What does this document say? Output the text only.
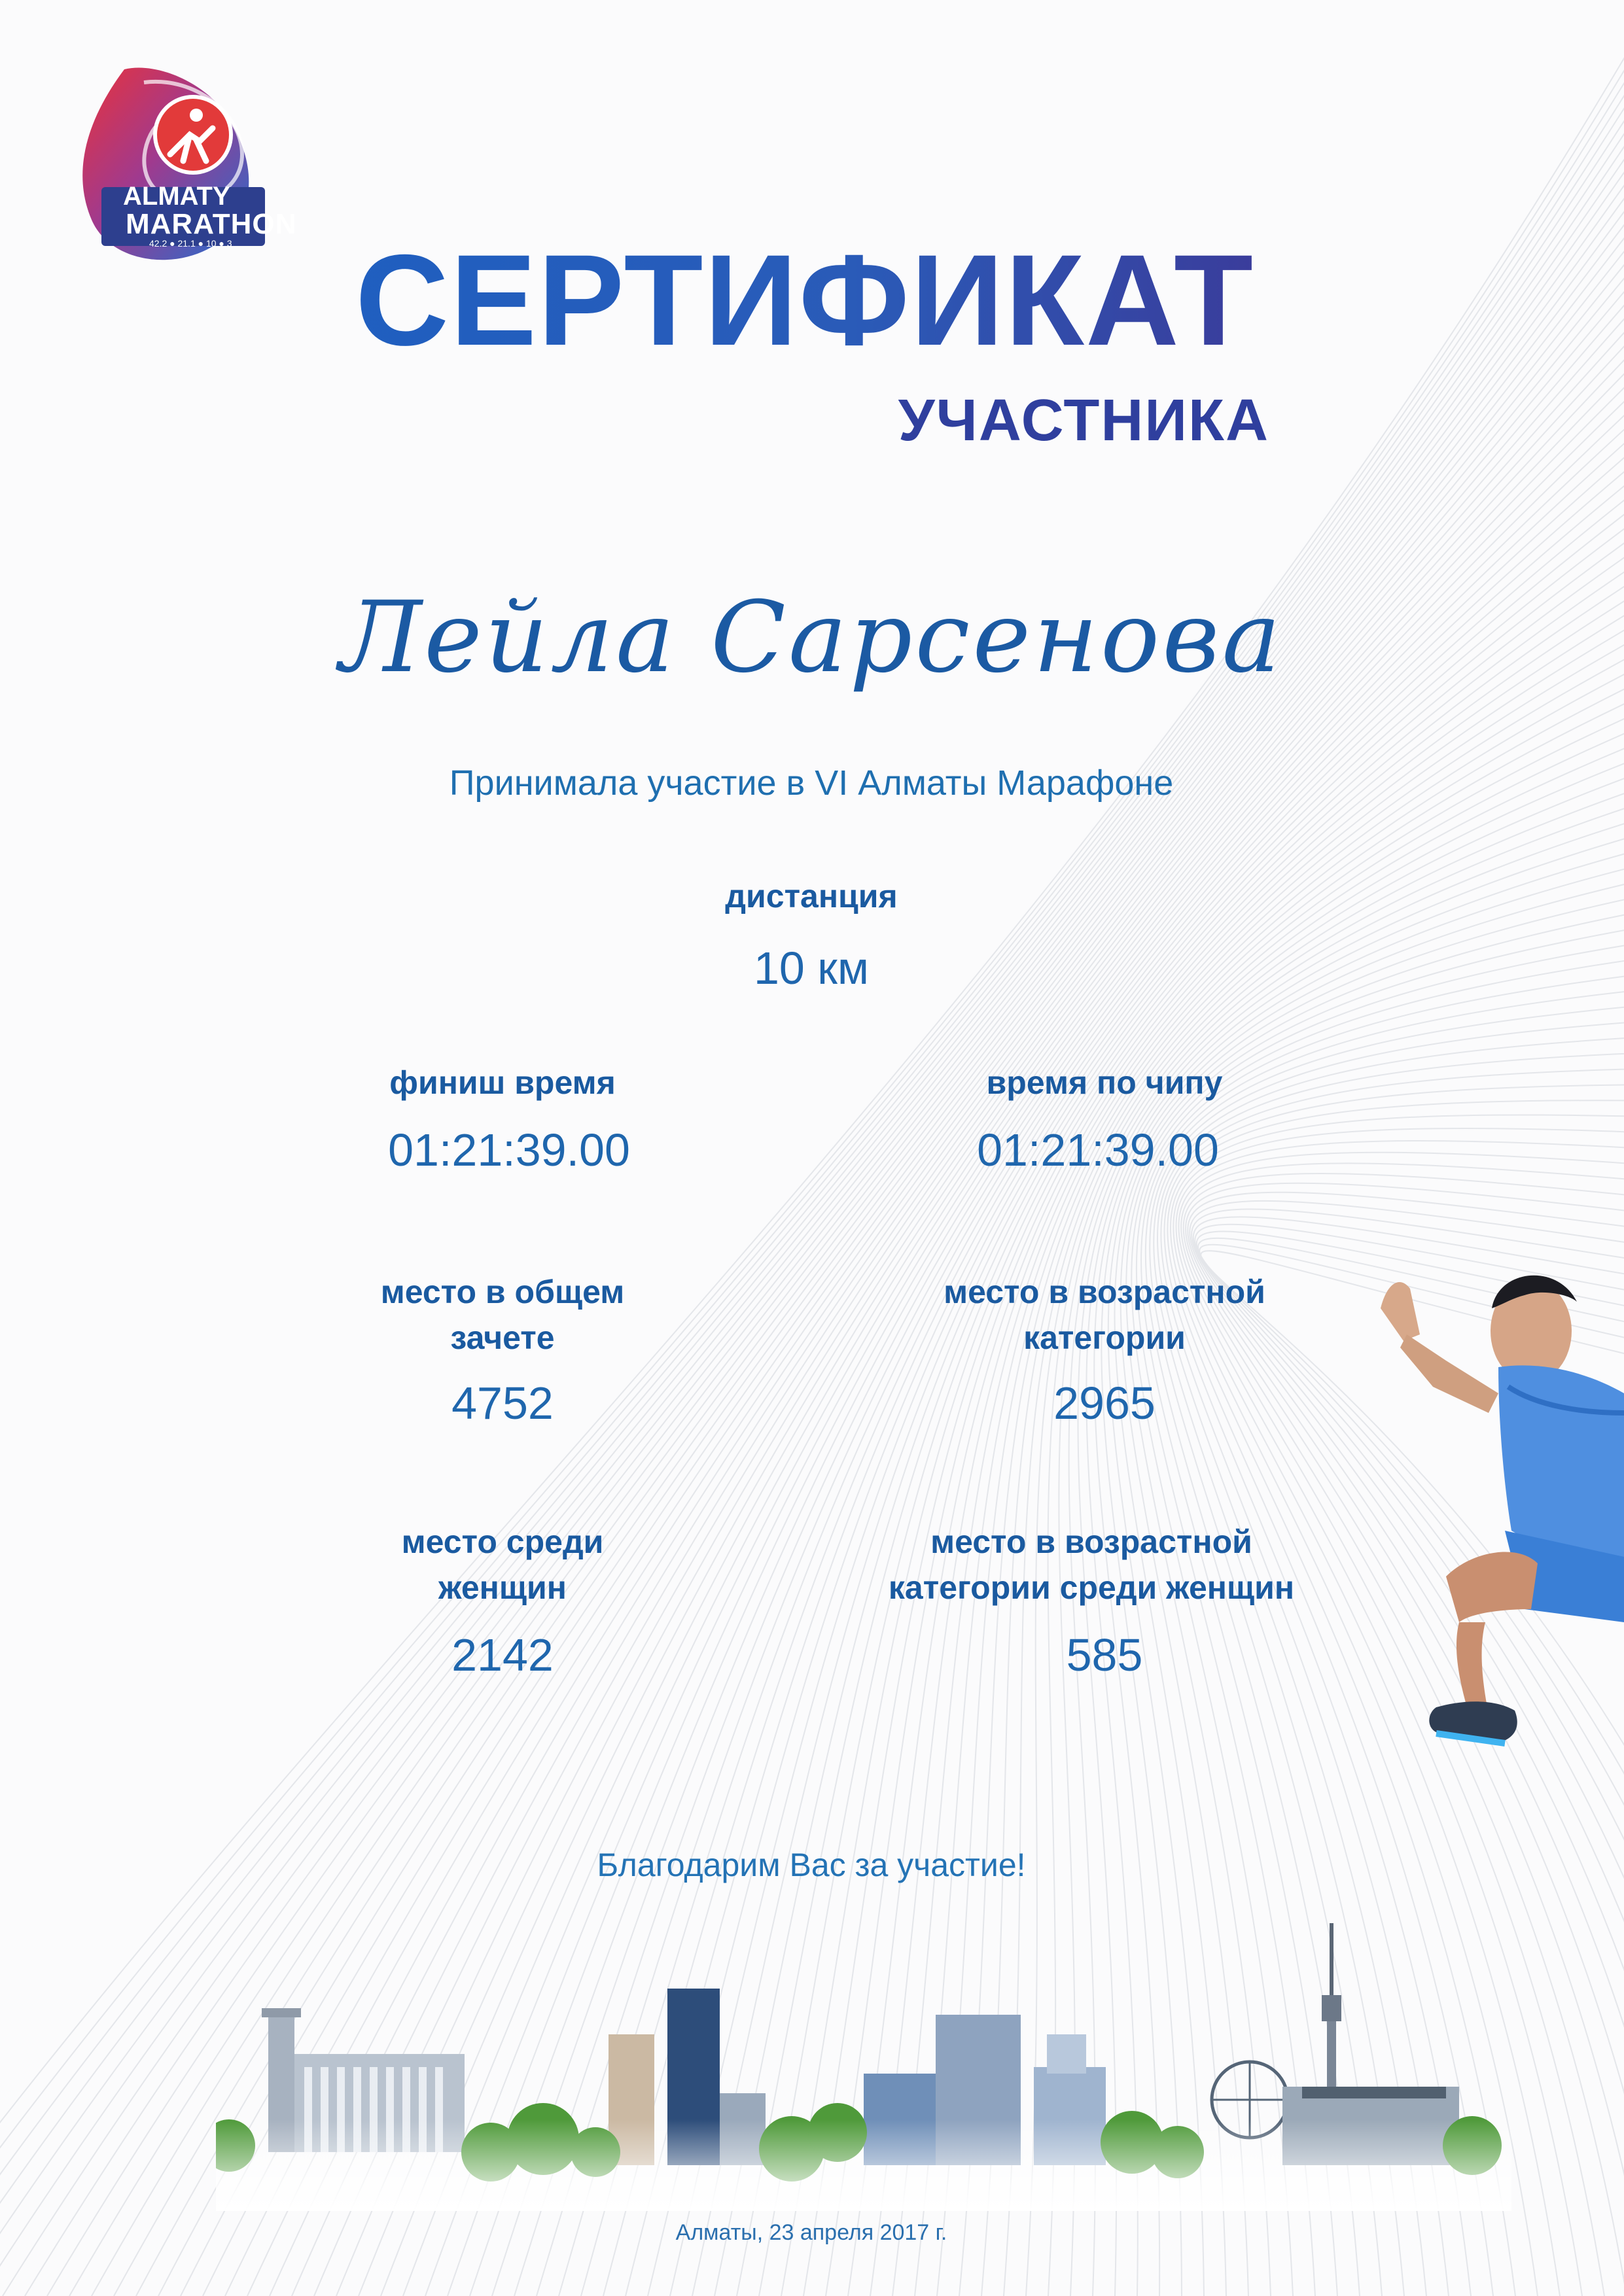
ALMATY
MARATHON
42.2 ● 21.1 ● 10 ● 3 СЕРТИФИКАТ
УЧАСТНИКА
Лейла Сарсенова
Принимала участие в VI Алматы Марафоне
дистанция
10 км
финиш время
01:21:39.00
время по чипу
01:21:39.00
место в общем
зачете
4752
место в возрастной
категории
2965
место среди
женщин
2142
место в возрастной
категории среди женщин
585
Благодарим Вас за участие!
Алматы, 23 апреля 2017 г.
